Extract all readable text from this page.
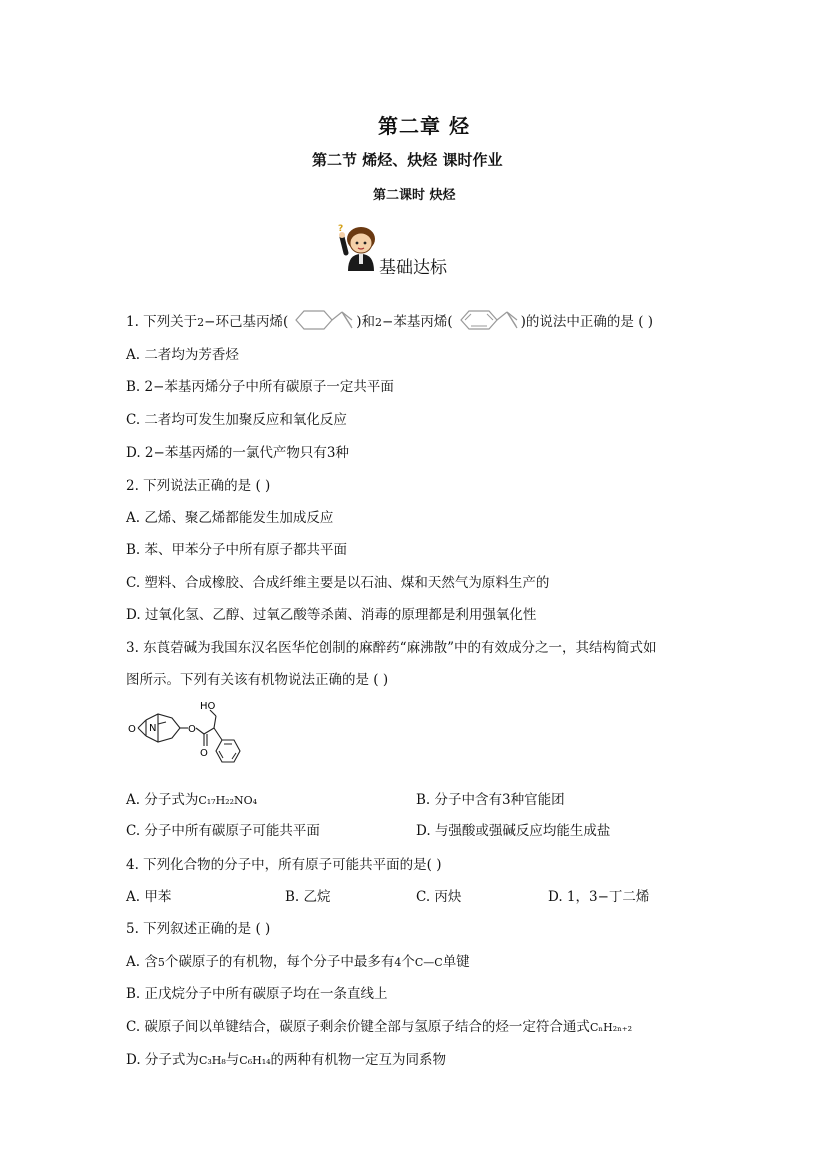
第二章 烃
第二节 烯烃、炔烃 课时作业
第二课时 炔烃
?
基础达标
1. 下列关于2−环己基丙烯(	)和2−苯基丙烯(	)的说法中正确的是 ( )
A. 二者均为芳香烃
B. 2−苯基丙烯分子中所有碳原子一定共平面
C. 二者均可发生加聚反应和氧化反应
D. 2−苯基丙烯的一氯代产物只有3种
2. 下列说法正确的是 ( )
A. 乙烯、聚乙烯都能发生加成反应
B. 苯、甲苯分子中所有原子都共平面
C. 塑料、合成橡胶、合成纤维主要是以石油、煤和天然气为原料生产的
D. 过氧化氢、乙醇、过氧乙酸等杀菌、消毒的原理都是利用强氧化性
3. 东莨菪碱为我国东汉名医华佗创制的麻醉药“麻沸散”中的有效成分之一，其结构简式如
图所示。下列有关该有机物说法正确的是 ( )
O N	O
O
HO
A. 分子式为C₁₇H₂₂NO₄	B. 分子中含有3种官能团
C. 分子中所有碳原子可能共平面	D. 与强酸或强碱反应均能生成盐
4. 下列化合物的分子中，所有原子可能共平面的是( )
A. 甲苯	B. 乙烷	C. 丙炔	D. 1，3−丁二烯
5. 下列叙述正确的是 ( )
A. 含5个碳原子的有机物，每个分子中最多有4个C—C单键
B. 正戊烷分子中所有碳原子均在一条直线上
C. 碳原子间以单键结合，碳原子剩余价键全部与氢原子结合的烃一定符合通式CₙH₂ₙ₊₂
D. 分子式为C₃H₈与C₆H₁₄的两种有机物一定互为同系物
